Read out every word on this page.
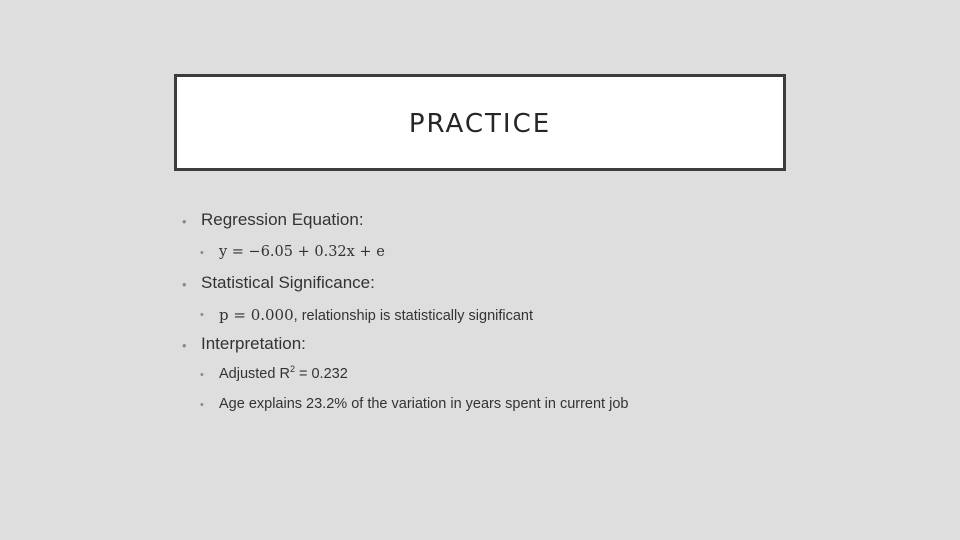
PRACTICE
• Regression Equation:
• y = −6.05 + 0.32x + e
• Statistical Significance:
• p = 0.000, relationship is statistically significant
• Interpretation:
• Adjusted $R^2 = 0.232$
• Age explains 23.2% of the variation in years spent in current job
